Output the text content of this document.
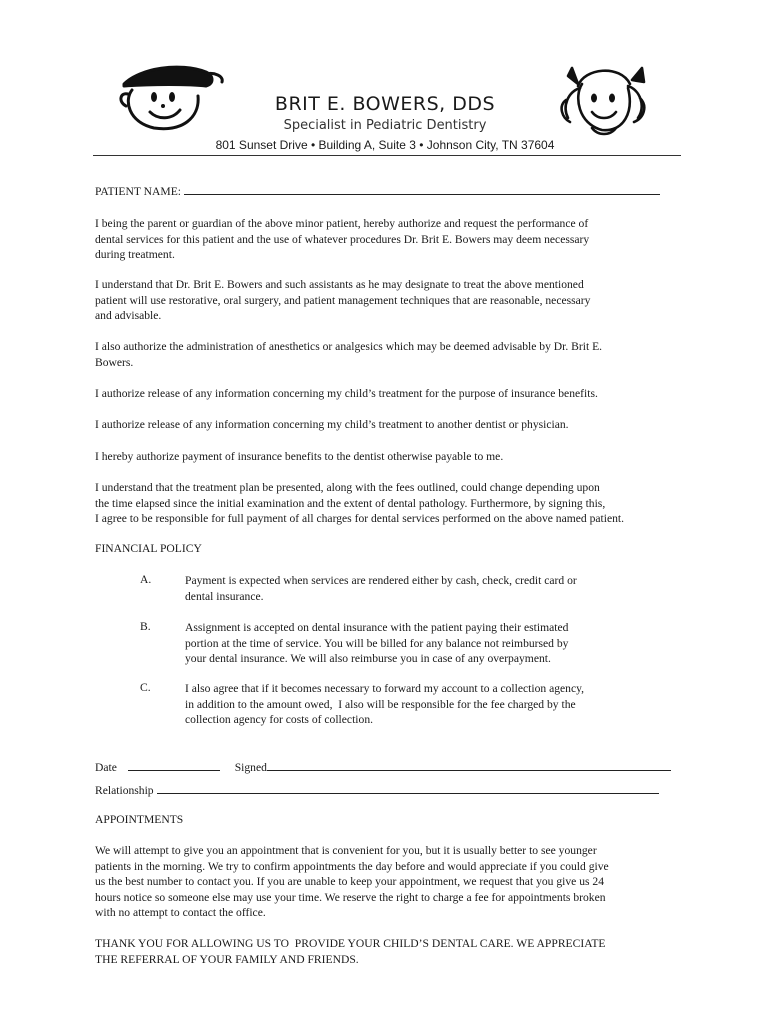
BRIT E. BOWERS, DDS
Specialist in Pediatric Dentistry
801 Sunset Drive • Building A, Suite 3 • Johnson City, TN 37604
PATIENT NAME:
I being the parent or guardian of the above minor patient, hereby authorize and request the performance of
dental services for this patient and the use of whatever procedures Dr. Brit E. Bowers may deem necessary
during treatment.
I understand that Dr. Brit E. Bowers and such assistants as he may designate to treat the above mentioned
patient will use restorative, oral surgery, and patient management techniques that are reasonable, necessary
and advisable.
I also authorize the administration of anesthetics or analgesics which may be deemed advisable by Dr. Brit E.
Bowers.
I authorize release of any information concerning my child’s treatment for the purpose of insurance benefits.
I authorize release of any information concerning my child’s treatment to another dentist or physician.
I hereby authorize payment of insurance benefits to the dentist otherwise payable to me.
I understand that the treatment plan be presented, along with the fees outlined, could change depending upon
the time elapsed since the initial examination and the extent of dental pathology. Furthermore, by signing this,
I agree to be responsible for full payment of all charges for dental services performed on the above named patient.
FINANCIAL POLICY
A.	Payment is expected when services are rendered either by cash, check, credit card or
dental insurance.
B.	Assignment is accepted on dental insurance with the patient paying their estimated
portion at the time of service. You will be billed for any balance not reimbursed by
your dental insurance. We will also reimburse you in case of any overpayment.
C.	I also agree that if it becomes necessary to forward my account to a collection agency,
in addition to the amount owed,  I also will be responsible for the fee charged by the
collection agency for costs of collection.
Date	Signed
Relationship
APPOINTMENTS
We will attempt to give you an appointment that is convenient for you, but it is usually better to see younger
patients in the morning. We try to confirm appointments the day before and would appreciate if you could give
us the best number to contact you. If you are unable to keep your appointment, we request that you give us 24
hours notice so someone else may use your time. We reserve the right to charge a fee for appointments broken
with no attempt to contact the office.
THANK YOU FOR ALLOWING US TO  PROVIDE YOUR CHILD’S DENTAL CARE. WE APPRECIATE
THE REFERRAL OF YOUR FAMILY AND FRIENDS.
